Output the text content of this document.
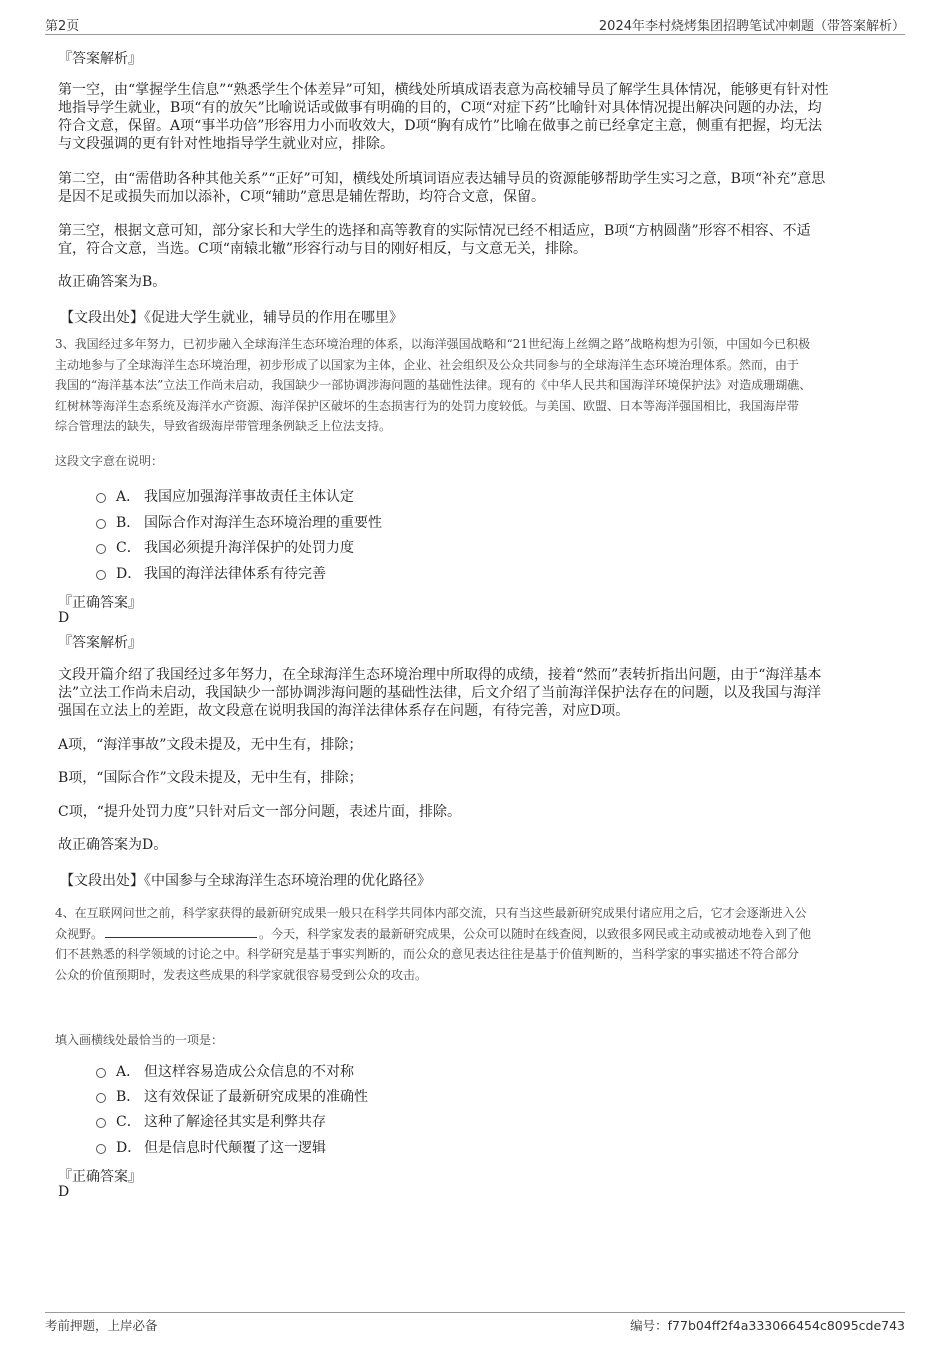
第2页	2024年李村烧烤集团招聘笔试冲刺题（带答案解析）
『答案解析』
第一空，由“掌握学生信息”“熟悉学生个体差异”可知，横线处所填成语表意为高校辅导员了解学生具体情况，能够更有针对性
地指导学生就业，B项“有的放矢”比喻说话或做事有明确的目的，C项“对症下药”比喻针对具体情况提出解决问题的办法，均
符合文意，保留。A项“事半功倍”形容用力小而收效大，D项“胸有成竹”比喻在做事之前已经拿定主意，侧重有把握，均无法
与文段强调的更有针对性地指导学生就业对应，排除。
第二空，由“需借助各种其他关系”“正好”可知，横线处所填词语应表达辅导员的资源能够帮助学生实习之意，B项“补充”意思
是因不足或损失而加以添补，C项“辅助”意思是辅佐帮助，均符合文意，保留。
第三空，根据文意可知，部分家长和大学生的选择和高等教育的实际情况已经不相适应，B项“方枘圆凿”形容不相容、不适
宜，符合文意，当选。C项“南辕北辙”形容行动与目的刚好相反，与文意无关，排除。
故正确答案为B。
【文段出处】《促进大学生就业，辅导员的作用在哪里》
3、我国经过多年努力，已初步融入全球海洋生态环境治理的体系，以海洋强国战略和“21世纪海上丝绸之路”战略构想为引领，中国如今已积极
主动地参与了全球海洋生态环境治理，初步形成了以国家为主体，企业、社会组织及公众共同参与的全球海洋生态环境治理体系。然而，由于
我国的“海洋基本法”立法工作尚未启动，我国缺少一部协调涉海问题的基础性法律。现有的《中华人民共和国海洋环境保护法》对造成珊瑚礁、
红树林等海洋生态系统及海洋水产资源、海洋保护区破坏的生态损害行为的处罚力度较低。与美国、欧盟、日本等海洋强国相比，我国海岸带
综合管理法的缺失，导致省级海岸带管理条例缺乏上位法支持。
这段文字意在说明：
A． 我国应加强海洋事故责任主体认定
B． 国际合作对海洋生态环境治理的重要性
C． 我国必须提升海洋保护的处罚力度
D． 我国的海洋法律体系有待完善
『正确答案』
D
『答案解析』
文段开篇介绍了我国经过多年努力，在全球海洋生态环境治理中所取得的成绩，接着“然而”表转折指出问题，由于“海洋基本
法”立法工作尚未启动，我国缺少一部协调涉海问题的基础性法律，后文介绍了当前海洋保护法存在的问题，以及我国与海洋
强国在立法上的差距，故文段意在说明我国的海洋法律体系存在问题，有待完善，对应D项。
A项，“海洋事故”文段未提及，无中生有，排除；
B项，“国际合作”文段未提及，无中生有，排除；
C项，“提升处罚力度”只针对后文一部分问题，表述片面，排除。
故正确答案为D。
【文段出处】《中国参与全球海洋生态环境治理的优化路径》
4、在互联网问世之前，科学家获得的最新研究成果一般只在科学共同体内部交流，只有当这些最新研究成果付诸应用之后，它才会逐渐进入公
众视野。	。今天，科学家发表的最新研究成果，公众可以随时在线查阅，以致很多网民或主动或被动地卷入到了他
们不甚熟悉的科学领域的讨论之中。科学研究是基于事实判断的，而公众的意见表达往往是基于价值判断的，当科学家的事实描述不符合部分
公众的价值预期时，发表这些成果的科学家就很容易受到公众的攻击。
填入画横线处最恰当的一项是：
A． 但这样容易造成公众信息的不对称
B． 这有效保证了最新研究成果的准确性
C． 这种了解途径其实是利弊共存
D． 但是信息时代颠覆了这一逻辑
『正确答案』
D
考前押题，上岸必备	编号：f77b04ff2f4a333066454c8095cde743
